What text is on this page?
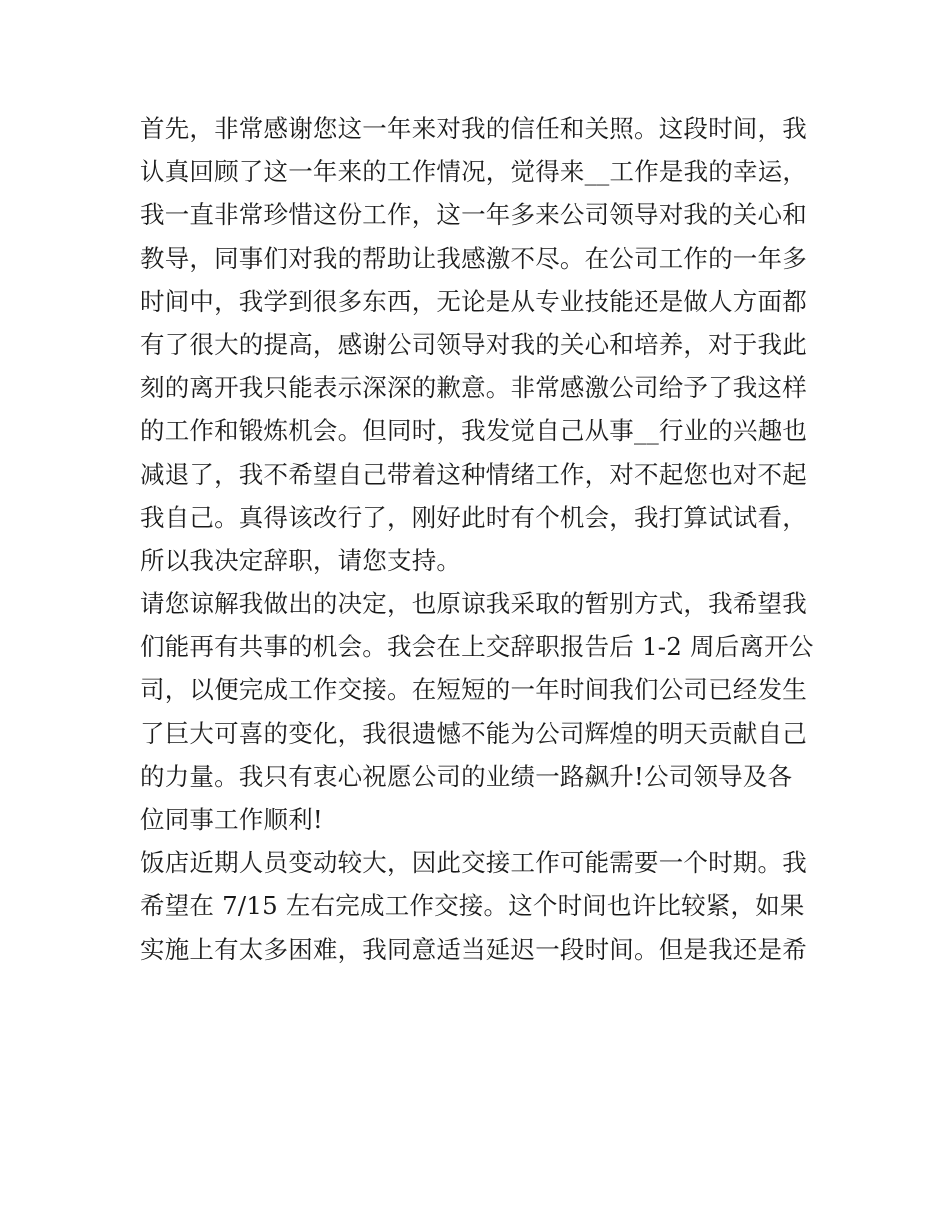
首先，非常感谢您这一年来对我的信任和关照。这段时间，我
认真回顾了这一年来的工作情况，觉得来__工作是我的幸运，
我一直非常珍惜这份工作，这一年多来公司领导对我的关心和
教导，同事们对我的帮助让我感激不尽。在公司工作的一年多
时间中，我学到很多东西，无论是从专业技能还是做人方面都
有了很大的提高，感谢公司领导对我的关心和培养，对于我此
刻的离开我只能表示深深的歉意。非常感激公司给予了我这样
的工作和锻炼机会。但同时，我发觉自己从事__行业的兴趣也
减退了，我不希望自己带着这种情绪工作，对不起您也对不起
我自己。真得该改行了，刚好此时有个机会，我打算试试看，
所以我决定辞职，请您支持。
请您谅解我做出的决定，也原谅我采取的暂别方式，我希望我
们能再有共事的机会。我会在上交辞职报告后 1-2 周后离开公
司，以便完成工作交接。在短短的一年时间我们公司已经发生
了巨大可喜的变化，我很遗憾不能为公司辉煌的明天贡献自己
的力量。我只有衷心祝愿公司的业绩一路飙升!公司领导及各
位同事工作顺利!
饭店近期人员变动较大，因此交接工作可能需要一个时期。我
希望在 7/15 左右完成工作交接。这个时间也许比较紧，如果
实施上有太多困难，我同意适当延迟一段时间。但是我还是希
